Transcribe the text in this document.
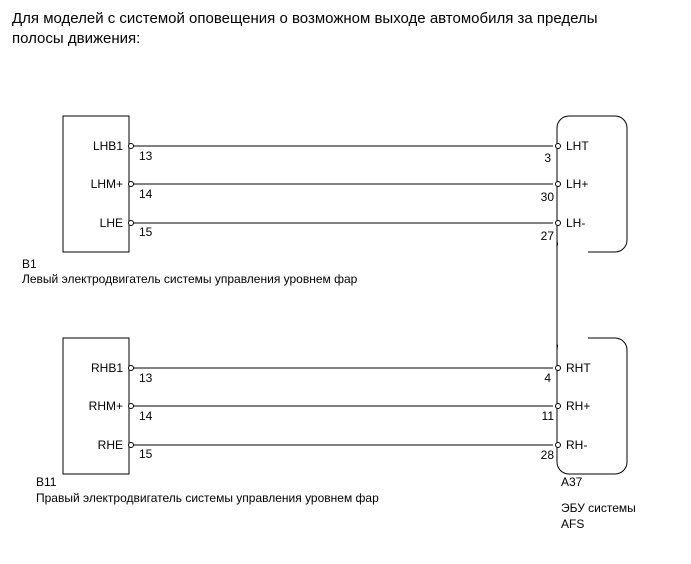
Для моделей с системой оповещения о возможном выходе автомобиля за пределы
полосы движения:

LHB1
LHM+
LHE
13
14
15
RHB1
RHM+
RHE
13
14
15
LHT
LH+
LH-
3
30
27
RHT
RH+
RH-
4
11
28
B1
Левый электродвигатель системы управления уровнем фар
B11
Правый электродвигатель системы управления уровнем фар
A37
ЭБУ системы
AFS
